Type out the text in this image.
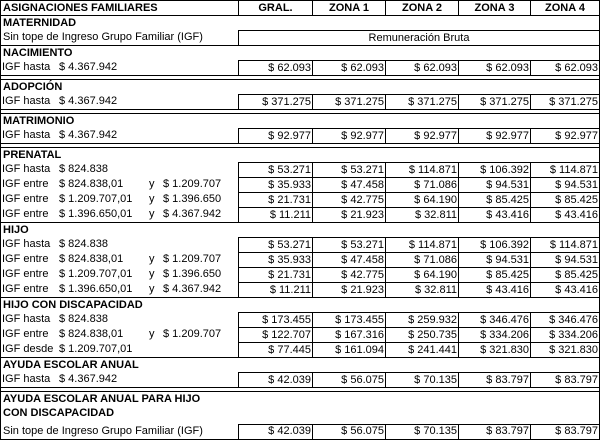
ASIGNACIONES FAMILIARES	GRAL.	ZONA 1	ZONA 2	ZONA 3	ZONA 4
MATERNIDAD					
Sin tope de Ingreso Grupo Familiar (IGF)	Remuneración Bruta				
NACIMIENTO					

IGF hasta $ 4.367.942	$ 62.093	$ 62.093	$ 62.093	$ 62.093	$ 62.093

ADOPCIÓN					

IGF hasta $ 4.367.942	$ 371.275	$ 371.275	$ 371.275	$ 371.275	$ 371.275

MATRIMONIO					

IGF hasta $ 4.367.942	$ 92.977	$ 92.977	$ 92.977	$ 92.977	$ 92.977

PRENATAL					

IGF hasta $ 824.838	$ 53.271	$ 53.271	$ 114.871	$ 106.392	$ 114.871

IGF entre $ 824.838,01 y $ 1.209.707	$ 35.933	$ 47.458	$ 71.086	$ 94.531	$ 94.531

IGF entre $ 1.209.707,01 y $ 1.396.650	$ 21.731	$ 42.775	$ 64.190	$ 85.425	$ 85.425

IGF entre $ 1.396.650,01 y $ 4.367.942	$ 11.211	$ 21.923	$ 32.811	$ 43.416	$ 43.416
HIJO					

IGF hasta $ 824.838	$ 53.271	$ 53.271	$ 114.871	$ 106.392	$ 114.871

IGF entre $ 824.838,01 y $ 1.209.707	$ 35.933	$ 47.458	$ 71.086	$ 94.531	$ 94.531

IGF entre $ 1.209.707,01 y $ 1.396.650	$ 21.731	$ 42.775	$ 64.190	$ 85.425	$ 85.425

IGF entre $ 1.396.650,01 y $ 4.367.942	$ 11.211	$ 21.923	$ 32.811	$ 43.416	$ 43.416
HIJO CON DISCAPACIDAD					

IGF hasta $ 824.838	$ 173.455	$ 173.455	$ 259.932	$ 346.476	$ 346.476

IGF entre $ 824.838,01 y $ 1.209.707	$ 122.707	$ 167.316	$ 250.735	$ 334.206	$ 334.206

IGF desde $ 1.209.707,01	$ 77.445	$ 161.094	$ 241.441	$ 321.830	$ 321.830
AYUDA ESCOLAR ANUAL					

IGF hasta $ 4.367.942	$ 42.039	$ 56.075	$ 70.135	$ 83.797	$ 83.797

AYUDA ESCOLAR ANUAL PARA HIJO					
CON DISCAPACIDAD					

Sin tope de Ingreso Grupo Familiar (IGF)	$ 42.039	$ 56.075	$ 70.135	$ 83.797	$ 83.797
